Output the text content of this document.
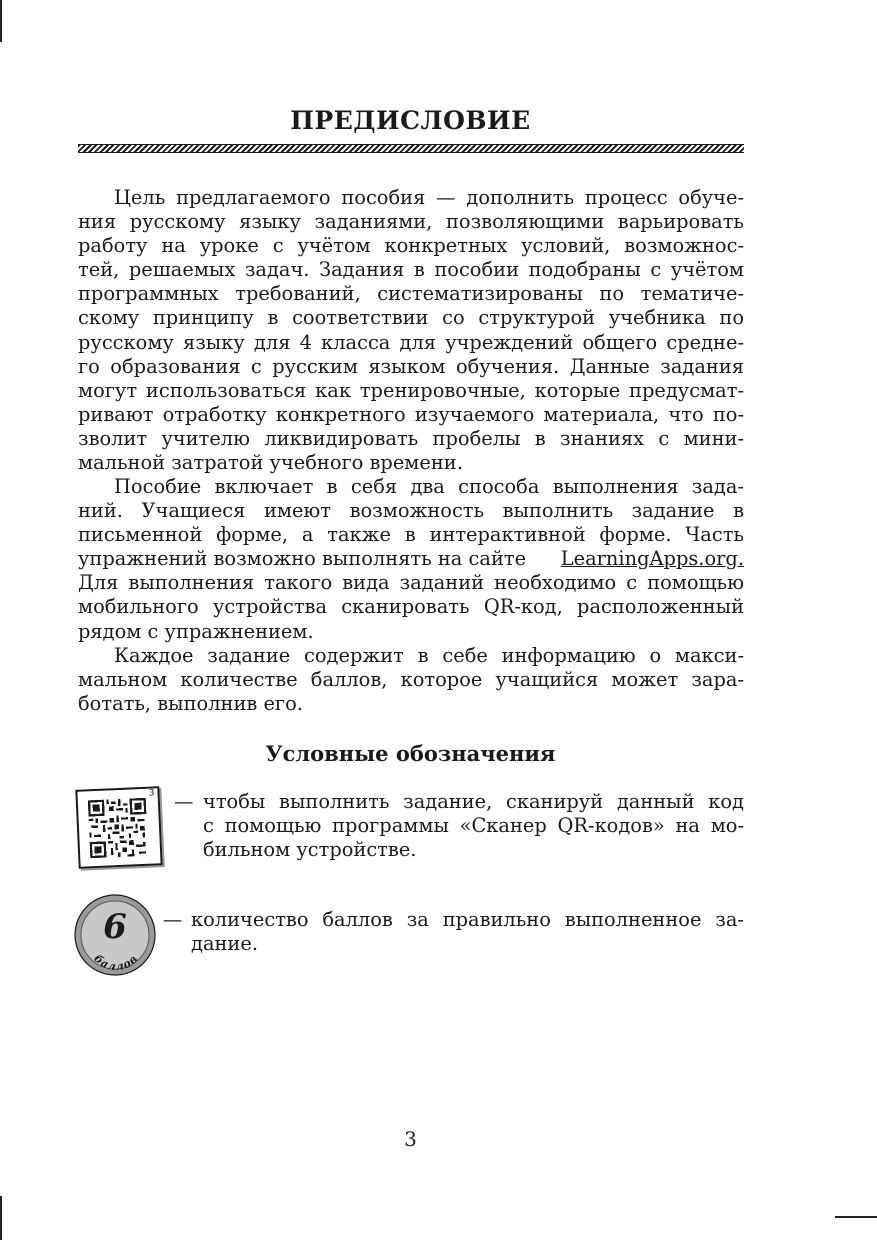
ПРЕДИСЛОВИЕ
Цель предлагаемого пособия — дополнить процесс обуче-
ния русскому языку заданиями, позволяющими варьировать
работу на уроке с учётом конкретных условий, возможнос-
тей, решаемых задач. Задания в пособии подобраны с учётом
программных требований, систематизированы по тематиче-
скому принципу в соответствии со структурой учебника по
русскому языку для 4 класса для учреждений общего средне-
го образования с русским языком обучения. Данные задания
могут использоваться как тренировочные, которые предусмат-
ривают отработку конкретного изучаемого материала, что по-
зволит учителю ликвидировать пробелы в знаниях с мини-
мальной затратой учебного времени.
Пособие включает в себя два способа выполнения зада-
ний. Учащиеся имеют возможность выполнить задание в
письменной форме, а также в интерактивной форме. Часть
упражнений возможно выполнять на сайте LearningApps.org.
Для выполнения такого вида заданий необходимо с помощью
мобильного устройства сканировать QR-код, расположенный
рядом с упражнением.
Каждое задание содержит в себе информацию о макси-
мальном количестве баллов, которое учащийся может зара-
ботать, выполнив его.
Условные обозначения
3 — чтобы выполнить задание, сканируй данный код
с помощью программы «Сканер QR-кодов» на мо-
бильном устройстве.
6
баллов
— количество баллов за правильно выполненное за-
дание.
3
